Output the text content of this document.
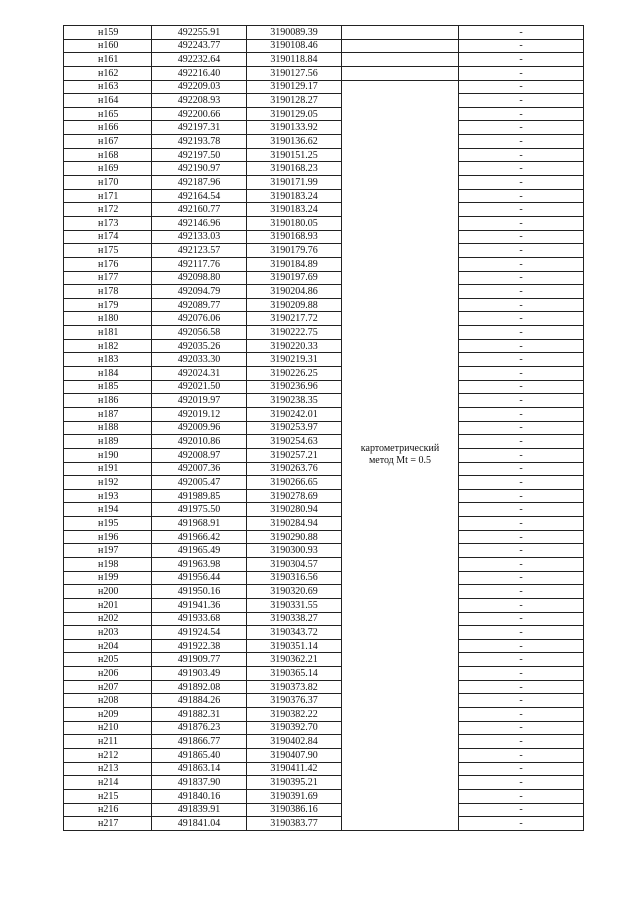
н159	492255.91	3190089.39		-
н160	492243.77	3190108.46		-
н161	492232.64	3190118.84		-
н162	492216.40	3190127.56		-
н163	492209.03	3190129.17	картометрический
метод Mt = 0.5	-
н164	492208.93	3190128.27		-
н165	492200.66	3190129.05		-
н166	492197.31	3190133.92		-
н167	492193.78	3190136.62		-
н168	492197.50	3190151.25		-
н169	492190.97	3190168.23		-
н170	492187.96	3190171.99		-
н171	492164.54	3190183.24		-
н172	492160.77	3190183.24		-
н173	492146.96	3190180.05		-
н174	492133.03	3190168.93		-
н175	492123.57	3190179.76		-
н176	492117.76	3190184.89		-
н177	492098.80	3190197.69		-
н178	492094.79	3190204.86		-
н179	492089.77	3190209.88		-
н180	492076.06	3190217.72		-
н181	492056.58	3190222.75		-
н182	492035.26	3190220.33		-
н183	492033.30	3190219.31		-
н184	492024.31	3190226.25		-
н185	492021.50	3190236.96		-
н186	492019.97	3190238.35		-
н187	492019.12	3190242.01		-
н188	492009.96	3190253.97		-
н189	492010.86	3190254.63		-
н190	492008.97	3190257.21		-
н191	492007.36	3190263.76		-
н192	492005.47	3190266.65		-
н193	491989.85	3190278.69		-
н194	491975.50	3190280.94		-
н195	491968.91	3190284.94		-
н196	491966.42	3190290.88		-
н197	491965.49	3190300.93		-
н198	491963.98	3190304.57		-
н199	491956.44	3190316.56		-
н200	491950.16	3190320.69		-
н201	491941.36	3190331.55		-
н202	491933.68	3190338.27		-
н203	491924.54	3190343.72		-
н204	491922.38	3190351.14		-
н205	491909.77	3190362.21		-
н206	491903.49	3190365.14		-
н207	491892.08	3190373.82		-
н208	491884.26	3190376.37		-
н209	491882.31	3190382.22		-
н210	491876.23	3190392.70		-
н211	491866.77	3190402.84		-
н212	491865.40	3190407.90		-
н213	491863.14	3190411.42		-
н214	491837.90	3190395.21		-
н215	491840.16	3190391.69		-
н216	491839.91	3190386.16		-
н217	491841.04	3190383.77		-
